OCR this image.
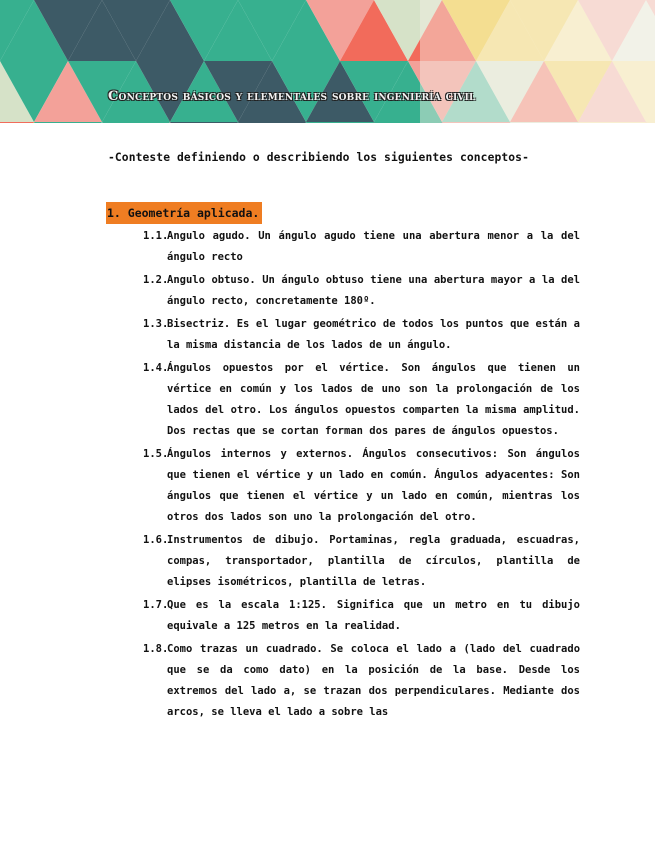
Conceptos básicos y elementales sobre ingeniería civil
-Conteste definiendo o describiendo los siguientes conceptos-
1. Geometría aplicada.
1.1.
Angulo agudo. Un ángulo agudo tiene una abertura menor a la del ángulo recto
1.2.
Angulo obtuso. Un ángulo obtuso tiene una abertura mayor a la del ángulo recto, concretamente 180º.
1.3.
Bisectriz. Es el lugar geométrico de todos los puntos que están a la misma distancia de los lados de un ángulo.
1.4.
Ángulos opuestos por el vértice. Son ángulos que tienen un vértice en común y los lados de uno son la prolongación de los lados del otro. Los ángulos opuestos comparten la misma amplitud. Dos rectas que se cortan forman dos pares de ángulos opuestos.
1.5.
Ángulos internos y externos. Ángulos consecutivos: Son ángulos que tienen el vértice y un lado en común. Ángulos adyacentes: Son ángulos que tienen el vértice y un lado en común, mientras los otros dos lados son uno la prolongación del otro.
1.6.
Instrumentos de dibujo. Portaminas, regla graduada, escuadras, compas, transportador, plantilla de círculos, plantilla de elipses isométricos, plantilla de letras.
1.7.
Que es la escala 1:125. Significa que un metro en tu dibujo equivale a 125 metros en la realidad.
1.8.
Como trazas un cuadrado. Se coloca el lado a (lado del cuadrado que se da como dato) en la posición de la base. Desde los extremos del lado a, se trazan dos perpendiculares. Mediante dos arcos, se lleva el lado a sobre las
